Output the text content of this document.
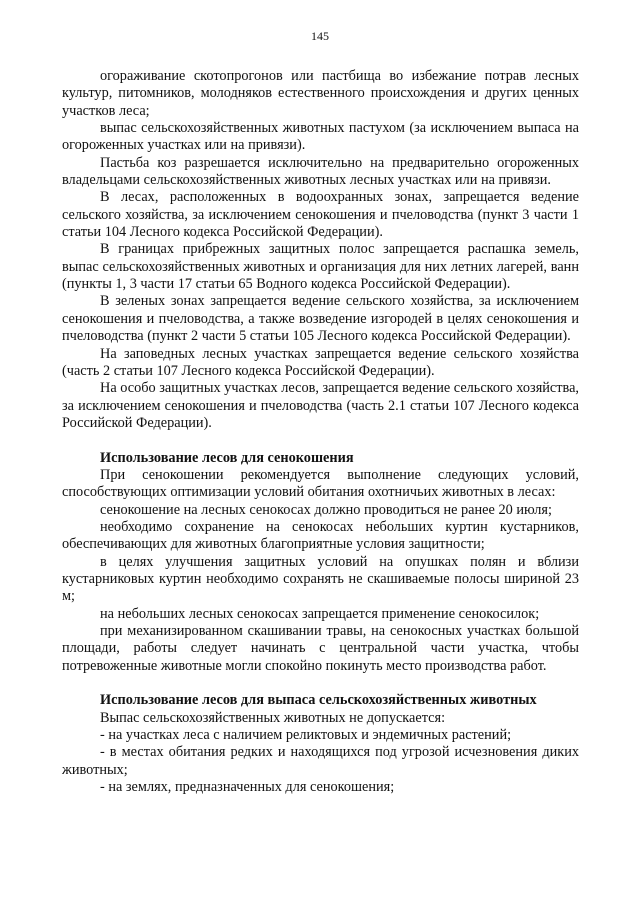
145

огораживание скотопрогонов или пастбища во избежание потрав лесных культур, питомников, молодняков естественного происхождения и других ценных участков леса;

выпас сельскохозяйственных животных пастухом (за исключением выпаса на огороженных участках или на привязи).

Пастьба коз разрешается исключительно на предварительно огороженных владельцами сельскохозяйственных животных лесных участках или на привязи.

В лесах, расположенных в водоохранных зонах, запрещается ведение сельского хозяйства, за исключением сенокошения и пчеловодства (пункт 3 части 1 статьи 104 Лесного кодекса Российской Федерации).

В границах прибрежных защитных полос запрещается распашка земель, выпас сельскохозяйственных животных и организация для них летних лагерей, ванн (пункты 1, 3 части 17 статьи 65 Водного кодекса Российской Федерации).

В зеленых зонах запрещается ведение сельского хозяйства, за исключением сенокошения и пчеловодства, а также возведение изгородей в целях сенокошения и пчеловодства (пункт 2 части 5 статьи 105 Лесного кодекса Российской Федерации).

На заповедных лесных участках запрещается ведение сельского хозяйства (часть 2 статьи 107 Лесного кодекса Российской Федерации).

На особо защитных участках лесов, запрещается ведение сельского хозяйства, за исключением сенокошения и пчеловодства (часть 2.1 статьи 107 Лесного кодекса Российской Федерации).

Использование лесов для сенокошения

При сенокошении рекомендуется выполнение следующих условий, способствующих оптимизации условий обитания охотничьих животных в лесах:

сенокошение на лесных сенокосах должно проводиться не ранее 20 июля;

необходимо сохранение на сенокосах небольших куртин кустарников, обеспечивающих для животных благоприятные условия защитности;

в целях улучшения защитных условий на опушках полян и вблизи кустарниковых куртин необходимо сохранять не скашиваемые полосы шириной 23 м;

на небольших лесных сенокосах запрещается применение сенокосилок;

при механизированном скашивании травы, на сенокосных участках большой площади, работы следует начинать с центральной части участка, чтобы потревоженные животные могли спокойно покинуть место производства работ.

Использование лесов для выпаса сельскохозяйственных животных

Выпас сельскохозяйственных животных не допускается:

- на участках леса с наличием реликтовых и эндемичных растений;

- в местах обитания редких и находящихся под угрозой исчезновения диких животных;

- на землях, предназначенных для сенокошения;
